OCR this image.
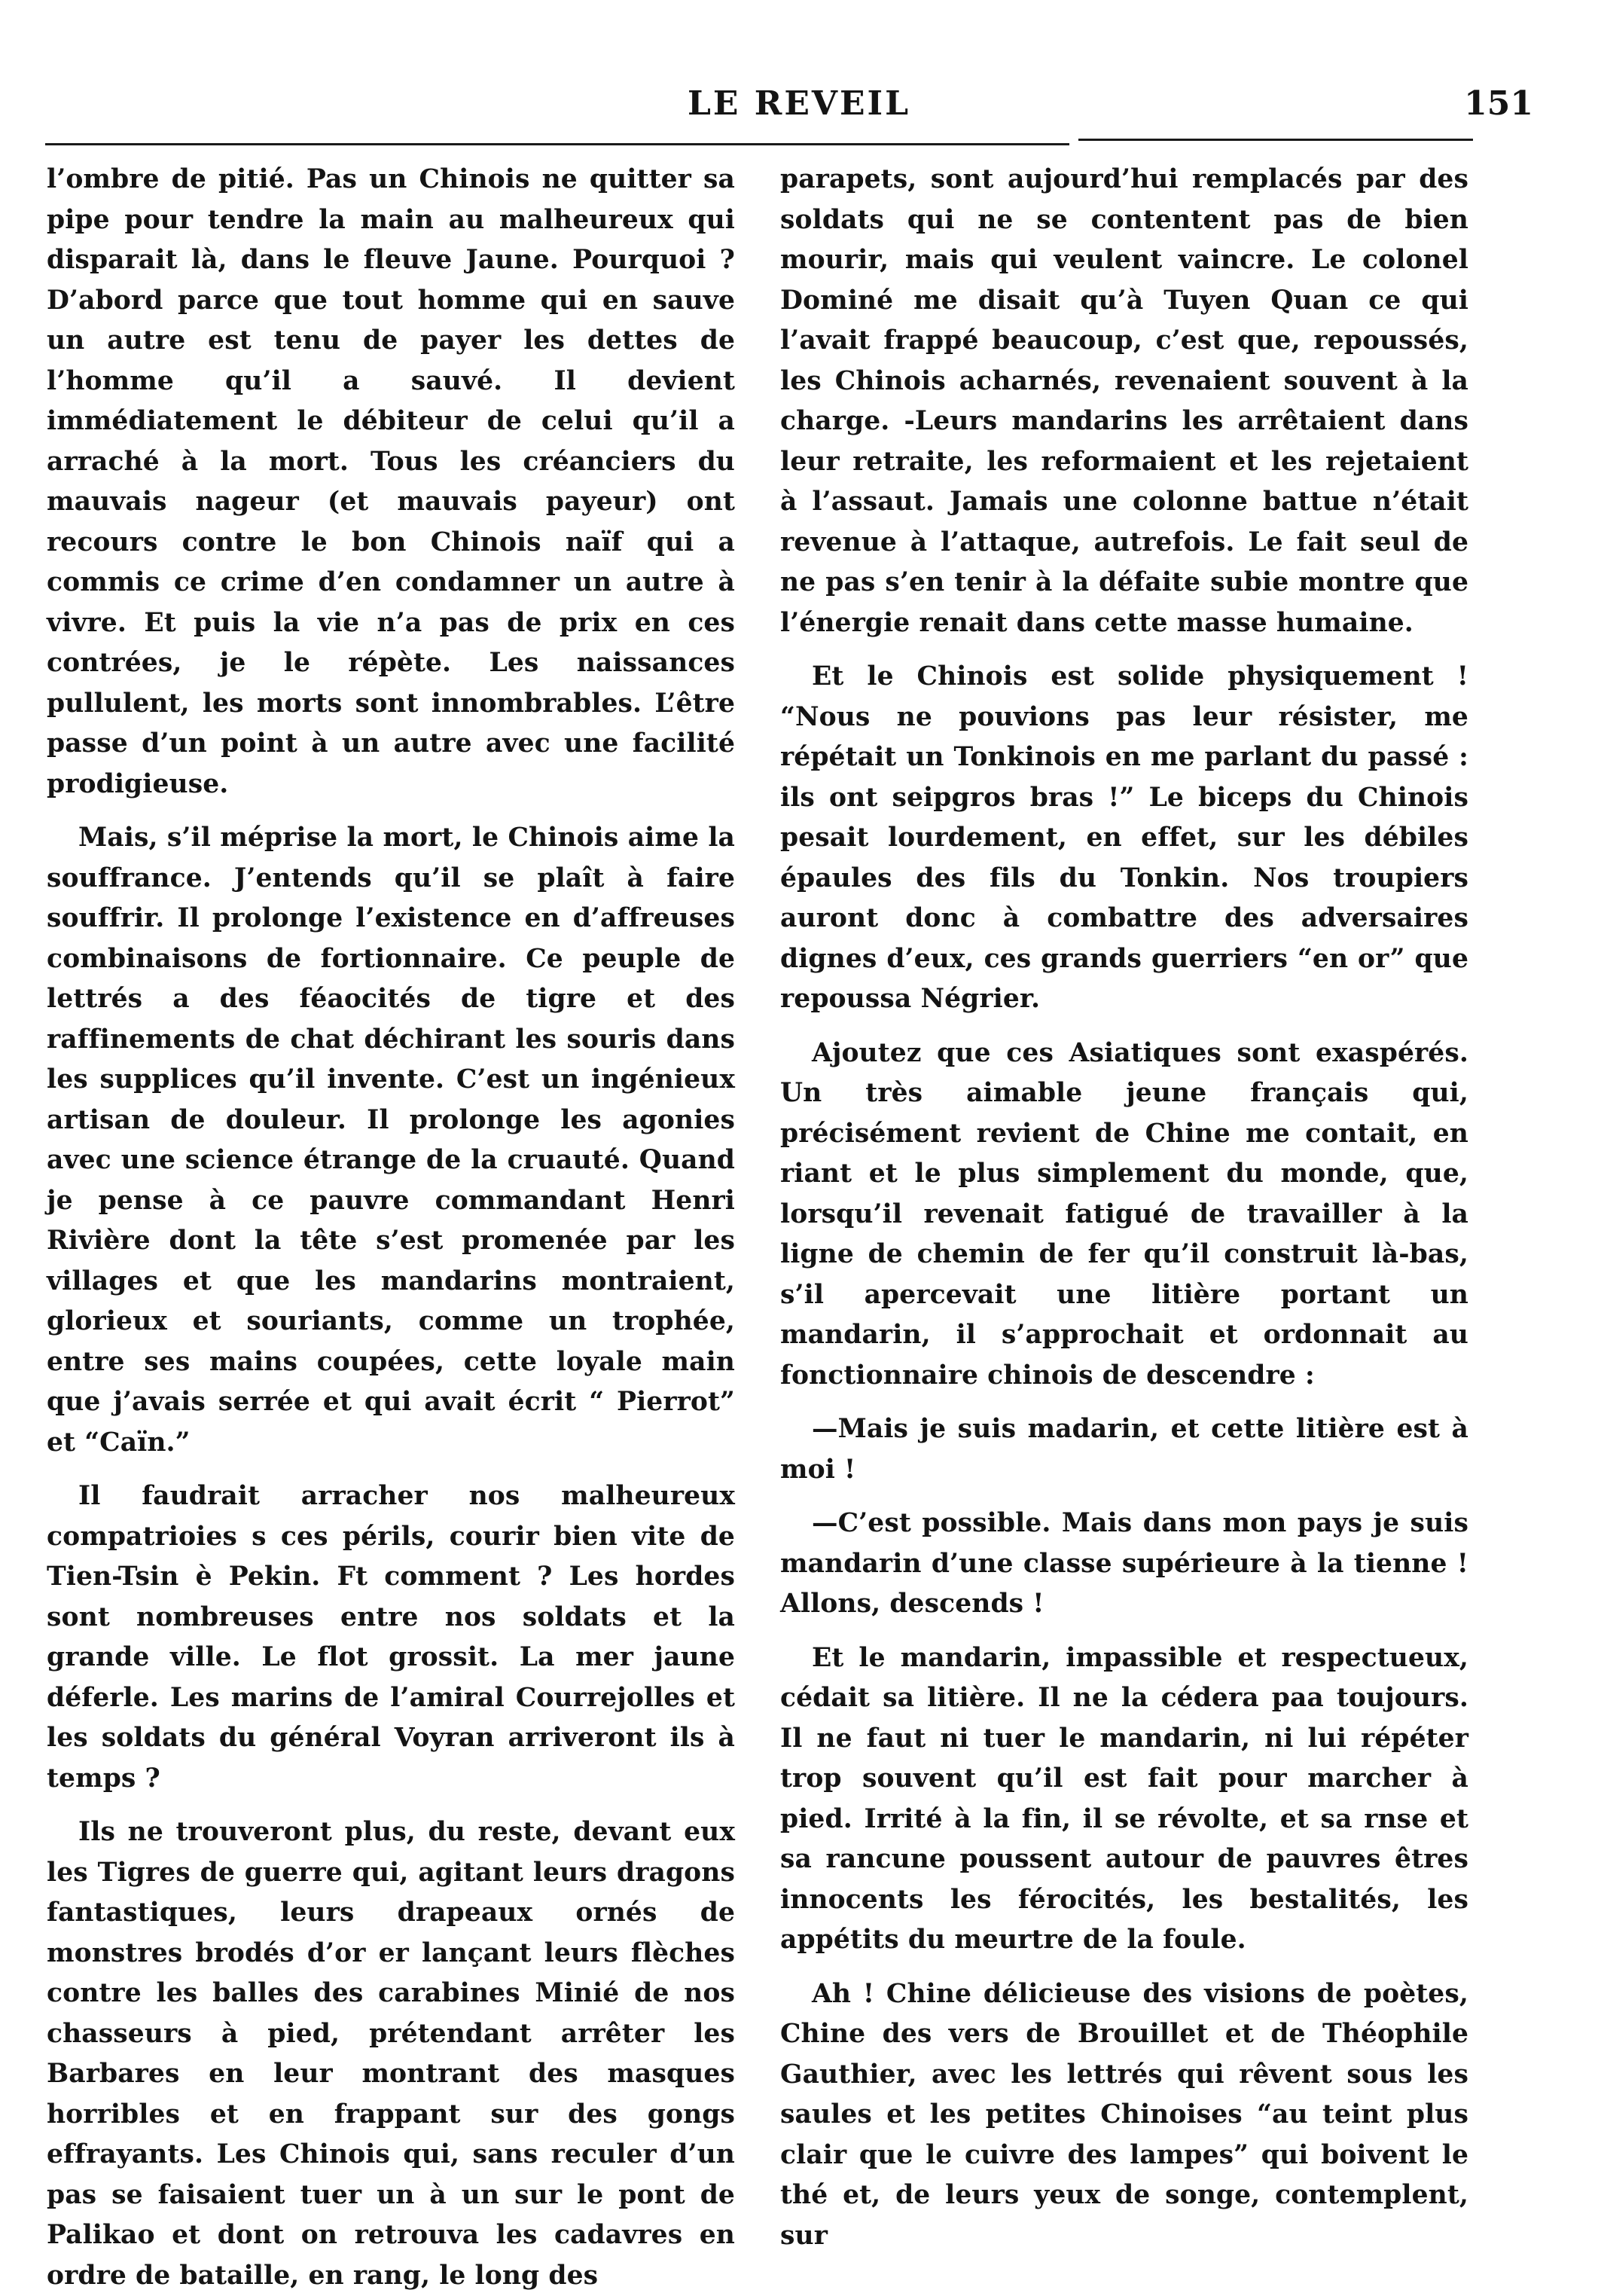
LE REVEIL	151

l’ombre de pitié. Pas un Chinois ne quitter sa pipe pour tendre la main au malheureux qui disparait là, dans le fleuve Jaune. Pourquoi ? D’abord parce que tout homme qui en sauve un autre est tenu de payer les dettes de l’homme qu’il a sauvé. Il devient immédiatement le débiteur de celui qu’il a arraché à la mort. Tous les créanciers du mauvais nageur (et mauvais payeur) ont recours contre le bon Chinois naïf qui a commis ce crime d’en condamner un autre à vivre. Et puis la vie n’a pas de prix en ces contrées, je le répète. Les naissances pullulent, les morts sont innombrables. L’être passe d’un point à un autre avec une facilité prodigieuse.

Mais, s’il méprise la mort, le Chinois aime la souffrance. J’entends qu’il se plaît à faire souffrir. Il prolonge l’existence en d’affreuses combinaisons de fortionnaire. Ce peuple de lettrés a des féaocités de tigre et des raffinements de chat déchirant les souris dans les supplices qu’il invente. C’est un ingénieux artisan de douleur. Il prolonge les agonies avec une science étrange de la cruauté. Quand je pense à ce pauvre commandant Henri Rivière dont la tête s’est promenée par les villages et que les mandarins montraient, glorieux et souriants, comme un trophée, entre ses mains coupées, cette loyale main que j’avais serrée et qui avait écrit “ Pierrot” et “Caïn.”

Il faudrait arracher nos malheureux compatrioies s ces périls, courir bien vite de Tien-Tsin è Pekin. Ft comment ? Les hordes sont nombreuses entre nos soldats et la grande ville. Le flot grossit. La mer jaune déferle. Les marins de l’amiral Courrejolles et les soldats du général Voyran arriveront ils à temps ?

Ils ne trouveront plus, du reste, devant eux les Tigres de guerre qui, agitant leurs dragons fantastiques, leurs drapeaux ornés de monstres brodés d’or er lançant leurs flèches contre les balles des carabines Minié de nos chasseurs à pied, prétendant arrêter les Barbares en leur montrant des masques horribles et en frappant sur des gongs effrayants. Les Chinois qui, sans reculer d’un pas se faisaient tuer un à un sur le pont de Palikao et dont on retrouva les cadavres en ordre de bataille, en rang, le long des

parapets, sont aujourd’hui remplacés par des soldats qui ne se contentent pas de bien mourir, mais qui veulent vaincre. Le colonel Dominé me disait qu’à Tuyen Quan ce qui l’avait frappé beaucoup, c’est que, repoussés, les Chinois acharnés, revenaient souvent à la charge. -Leurs mandarins les arrêtaient dans leur retraite, les reformaient et les rejetaient à l’assaut. Jamais une colonne battue n’était revenue à l’attaque, autrefois. Le fait seul de ne pas s’en tenir à la défaite subie montre que l’énergie renait dans cette masse humaine.

Et le Chinois est solide physiquement ! “Nous ne pouvions pas leur résister, me répétait un Tonkinois en me parlant du passé : ils ont seipgros bras !” Le biceps du Chinois pesait lourdement, en effet, sur les débiles épaules des fils du Tonkin. Nos troupiers auront donc à combattre des adversaires dignes d’eux, ces grands guerriers “en or” que repoussa Négrier.

Ajoutez que ces Asiatiques sont exaspérés. Un très aimable jeune français qui, précisément revient de Chine me contait, en riant et le plus simplement du monde, que, lorsqu’il revenait fatigué de travailler à la ligne de chemin de fer qu’il construit là-bas, s’il apercevait une litière portant un mandarin, il s’approchait et ordonnait au fonctionnaire chinois de descendre :

—Mais je suis madarin, et cette litière est à moi !

—C’est possible. Mais dans mon pays je suis mandarin d’une classe supérieure à la tienne ! Allons, descends !

Et le mandarin, impassible et respectueux, cédait sa litière. Il ne la cédera paa toujours. Il ne faut ni tuer le mandarin, ni lui répéter trop souvent qu’il est fait pour marcher à pied. Irrité à la fin, il se révolte, et sa rnse et sa rancune poussent autour de pauvres êtres innocents les férocités, les bestalités, les appétits du meurtre de la foule.

Ah ! Chine délicieuse des visions de poètes, Chine des vers de Brouillet et de Théophile Gauthier, avec les lettrés qui rêvent sous les saules et les petites Chinoises “au teint plus clair que le cuivre des lampes” qui boivent le thé et, de leurs yeux de songe, contemplent, sur
